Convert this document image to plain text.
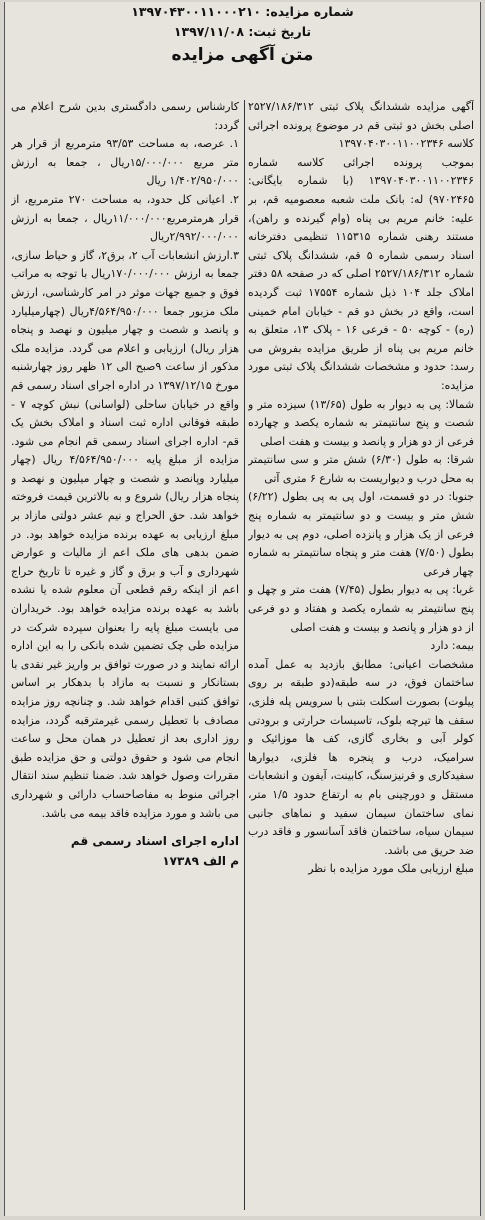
شماره مزایده: ۱۳۹۷۰۴۳۰۰۱۱۰۰۰۲۱۰
تاریخ ثبت: ۱۳۹۷/۱۱/۰۸
متن آگهی مزایده

آگهی مزایده ششدانگ پلاک ثبتی ۲۵۲۷/۱۸۶/۳۱۲ اصلی بخش دو ثبتی قم در موضوع پرونده اجرائی کلاسه ۱۳۹۷۰۴۰۳۰۰۱۱۰۰۲۳۴۶

بموجب پرونده اجرائی کلاسه شماره ۱۳۹۷۰۴۰۳۰۰۱۱۰۰۲۳۴۶ (با شماره بایگانی: ۹۷۰۲۴۶۵) له: بانک ملت شعبه معصومیه قم، بر علیه: خانم مریم بی پناه (وام گیرنده و راهن)، مستند رهنی شماره ۱۱۵۳۱۵ تنظیمی دفترخانه اسناد رسمی شماره ۵ قم، ششدانگ پلاک ثبتی شماره ۲۵۲۷/۱۸۶/۳۱۲ اصلی که در صفحه ۵۸ دفتر املاک جلد ۱۰۴ ذیل شماره ۱۷۵۵۴ ثبت گردیده است، واقع در بخش دو قم - خیابان امام خمینی (ره) - کوچه ۵۰ - فرعی ۱۶ - پلاک ۱۳، متعلق به خانم مریم بی پناه از طریق مزایده بفروش می رسد: حدود و مشخصات ششدانگ پلاک ثبتی مورد مزایده:

شمالا: پی به دیوار به طول (۱۳/۶۵) سیزده متر و شصت و پنج سانتیمتر به شماره یکصد و چهارده فرعی از دو هزار و پانصد و بیست و هفت اصلی

شرقا: به طول (۶/۳۰) شش متر و سی سانتیمتر به محل درب و دیواریست به شارع ۶ متری آتی

جنوبا: در دو قسمت، اول پی به پی بطول (۶/۲۲) شش متر و بیست و دو سانتیمتر به شماره پنج فرعی از یک هزار و پانزده اصلی، دوم پی به دیوار بطول (۷/۵۰) هفت متر و پنجاه سانتیمتر به شماره چهار فرعی

غربا: پی به دیوار بطول (۷/۴۵) هفت متر و چهل و پنج سانتیمتر به شماره یکصد و هفتاد و دو فرعی از دو هزار و پانصد و بیست و هفت اصلی

بیمه: دارد

مشخصات اعیانی: مطابق بازدید به عمل آمده ساختمان فوق، در سه طبقه(دو طبقه بر روی پیلوت) بصورت اسکلت بتنی با سرویس پله فلزی، سقف ها تیرچه بلوک، تاسیسات حرارتی و برودتی کولر آبی و بخاری گازی، کف ها موزائیک و سرامیک، درب و پنجره ها فلزی، دیوارها سفیدکاری و قرنیزسنگ، کابینت، آیفون و انشعابات مستقل و دورچینی بام به ارتفاع حدود ۱/۵ متر، نمای ساختمان سیمان سفید و نماهای جانبی سیمان سیاه، ساختمان فاقد آسانسور و فاقد درب ضد حریق می باشد.

مبلغ ارزیابی ملک مورد مزایده با نظر

کارشناس رسمی دادگستری بدین شرح اعلام می گردد:

۱. عرصه، به مساحت ۹۳/۵۳ مترمربع از قرار هر متر مربع ۱۵/۰۰۰/۰۰۰ریال ، جمعا به ارزش ۱/۴۰۲/۹۵۰/۰۰۰ ریال

۲. اعیانی کل حدود، به مساحت ۲۷۰ مترمربع، از قرار هرمترمربع۱۱/۰۰۰/۰۰۰ریال ، جمعا به ارزش ۲/۹۹۲/۰۰۰/۰۰۰ریال

۳.ارزش انشعابات آب ۲، برق۲، گاز و حیاط سازی، جمعا به ارزش ۱۷۰/۰۰۰/۰۰۰ریال با توجه به مراتب فوق و جمیع جهات موثر در امر کارشناسی، ارزش ملک مزبور جمعا ۴/۵۶۴/۹۵۰/۰۰۰ریال (چهارمیلیارد و پانصد و شصت و چهار میلیون و نهصد و پنجاه هزار ریال) ارزیابی و اعلام می گردد. مزایده ملک مذکور از ساعت ۹صبح الی ۱۲ ظهر روز چهارشنبه مورخ ۱۳۹۷/۱۲/۱۵ در اداره اجرای اسناد رسمی قم واقع در خیابان ساحلی (لواسانی) نبش کوچه ۷ - طبقه فوقانی اداره ثبت اسناد و املاک بخش یک قم- اداره اجرای اسناد رسمی قم انجام می شود. مزایده از مبلغ پایه ۴/۵۶۴/۹۵۰/۰۰۰ ریال (چهار میلیارد وپانصد و شصت و چهار میلیون و نهصد و پنجاه هزار ریال) شروع و به بالاترین قیمت فروخته خواهد شد. حق الحراج و نیم عشر دولتی مازاد بر مبلغ ارزیابی به عهده برنده مزایده خواهد بود. در ضمن بدهی های ملک اعم از مالیات و عوارض شهرداری و آب و برق و گاز و غیره تا تاریخ حراج اعم از اینکه رقم قطعی آن معلوم شده یا نشده باشد به عهده برنده مزایده خواهد بود. خریداران می بایست مبلغ پایه را بعنوان سپرده شرکت در مزایده طی چک تضمین شده بانکی را به این اداره ارائه نمایند و در صورت توافق بر واریز غیر نقدی با بستانکار و نسبت به مازاد با بدهکار بر اساس توافق کتبی اقدام خواهد شد. و چنانچه روز مزایده مصادف با تعطیل رسمی غیرمترقبه گردد، مزایده روز اداری بعد از تعطیل در همان محل و ساعت انجام می شود و حقوق دولتی و حق مزایده طبق مقررات وصول خواهد شد. ضمنا تنظیم سند انتقال اجرائی منوط به مفاصاحساب دارائی و شهرداری می باشد و مورد مزایده فاقد بیمه می باشد.

اداره اجرای اسناد رسمی قم

م الف ۱۷۳۸۹
